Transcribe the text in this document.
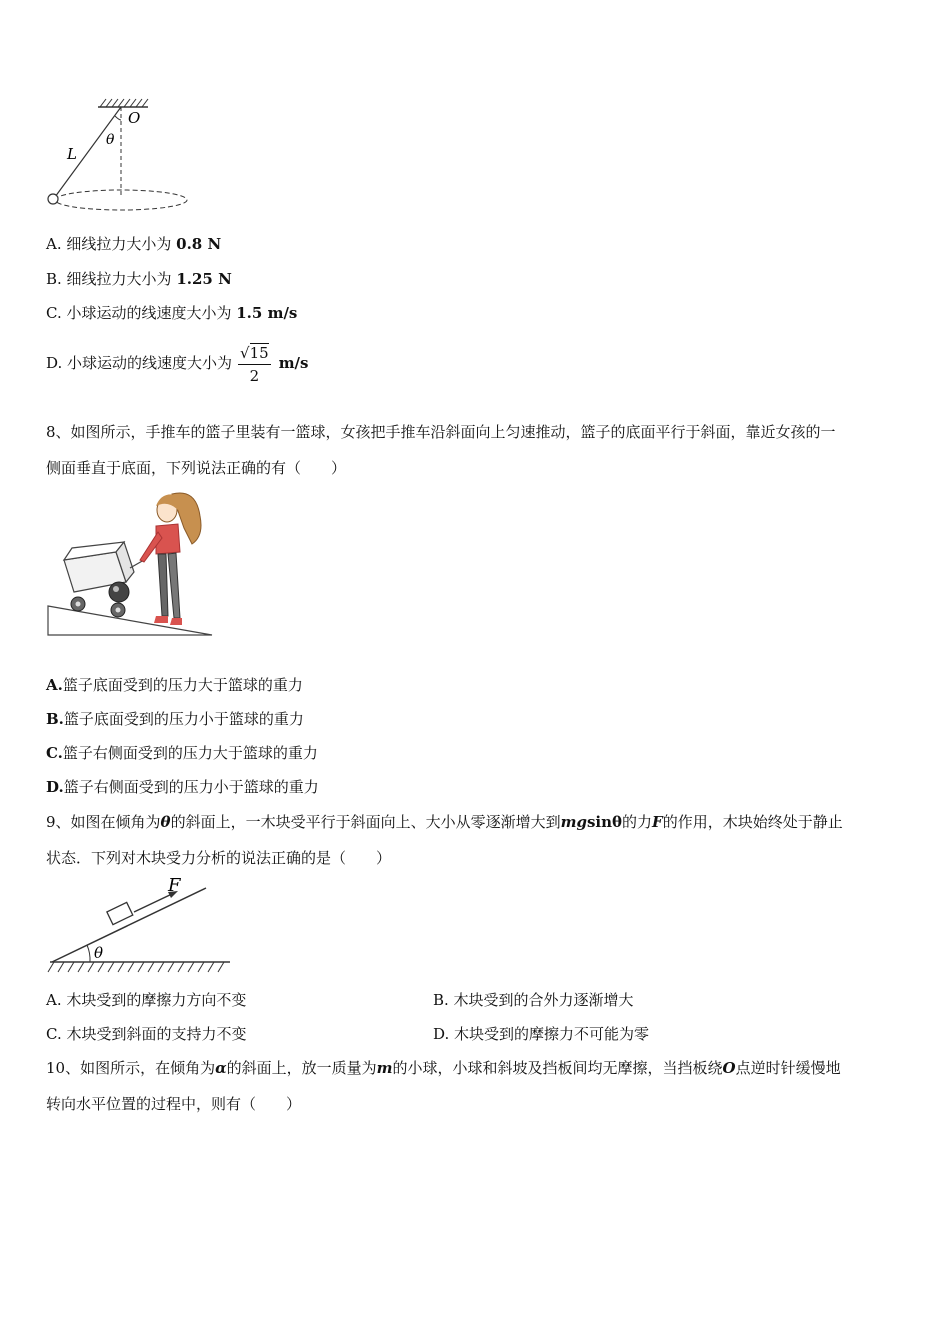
O
θ
L
A. 细线拉力大小为 0.8 N
B. 细线拉力大小为 1.25 N
C. 小球运动的线速度大小为 1.5 m/s
D. 小球运动的线速度大小为 $\frac{√15}{2} m/s$
8、如图所示，手推车的篮子里装有一篮球，女孩把手推车沿斜面向上匀速推动，篮子的底面平行于斜面，靠近女孩的一
侧面垂直于底面，下列说法正确的有（　　）
A.篮子底面受到的压力大于篮球的重力
B.篮子底面受到的压力小于篮球的重力
C.篮子右侧面受到的压力大于篮球的重力
D.篮子右侧面受到的压力小于篮球的重力
9、如图在倾角为θ的斜面上，一木块受平行于斜面向上、大小从零逐渐增大到mgsinθ的力F的作用，木块始终处于静止
状态．下列对木块受力分析的说法正确的是（　　）
F
θ
A. 木块受到的摩擦力方向不变	B. 木块受到的合外力逐渐增大
C. 木块受到斜面的支持力不变	D. 木块受到的摩擦力不可能为零
10、如图所示，在倾角为α的斜面上，放一质量为m的小球，小球和斜坡及挡板间均无摩擦，当挡板绕O点逆时针缓慢地
转向水平位置的过程中，则有（　　）
